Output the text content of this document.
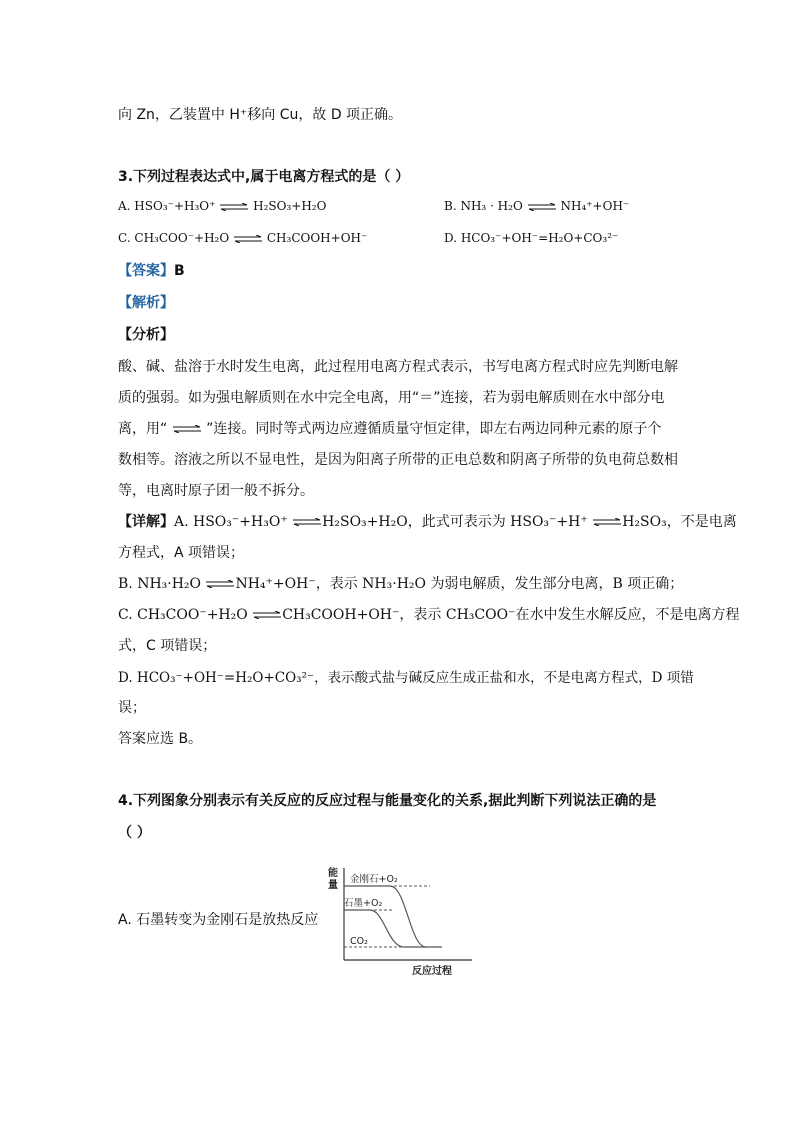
向 Zn，乙装置中 H⁺移向 Cu，故 D 项正确。
3.下列过程表达式中,属于电离方程式的是（ ）
A. HSO₃⁻+H₃O⁺ ⇌ H₂SO₃+H₂O	B. NH₃ · H₂O ⇌ NH₄⁺+OH⁻
C. CH₃COO⁻+H₂O ⇌ CH₃COOH+OH⁻	D. HCO₃⁻+OH⁻=H₂O+CO₃²⁻
【答案】B
【解析】
【分析】
酸、碱、盐溶于水时发生电离，此过程用电离方程式表示，书写电离方程式时应先判断电解
质的强弱。如为强电解质则在水中完全电离，用“＝”连接，若为弱电解质则在水中部分电
离，用“ ⇌ ”连接。同时等式两边应遵循质量守恒定律，即左右两边同种元素的原子个
数相等。溶液之所以不显电性，是因为阳离子所带的正电总数和阴离子所带的负电荷总数相
等，电离时原子团一般不拆分。
【详解】A. HSO₃⁻+H₃O⁺ ⇌H₂SO₃+H₂O，此式可表示为 HSO₃⁻+H⁺ ⇌H₂SO₃，不是电离
方程式，A 项错误；
B. NH₃·H₂O ⇌NH₄⁺+OH⁻，表示 NH₃·H₂O 为弱电解质，发生部分电离，B 项正确；
C. CH₃COO⁻+H₂O ⇌CH₃COOH+OH⁻，表示 CH₃COO⁻在水中发生水解反应，不是电离方程
式，C 项错误；
D. HCO₃⁻+OH⁻=H₂O+CO₃²⁻，表示酸式盐与碱反应生成正盐和水，不是电离方程式，D 项错
误；
答案应选 B。
4.下列图象分别表示有关反应的反应过程与能量变化的关系,据此判断下列说法正确的是
（ ）
A. 石墨转变为金刚石是放热反应
能 量
反应过程
金刚石+O₂
石墨+O₂
CO₂
